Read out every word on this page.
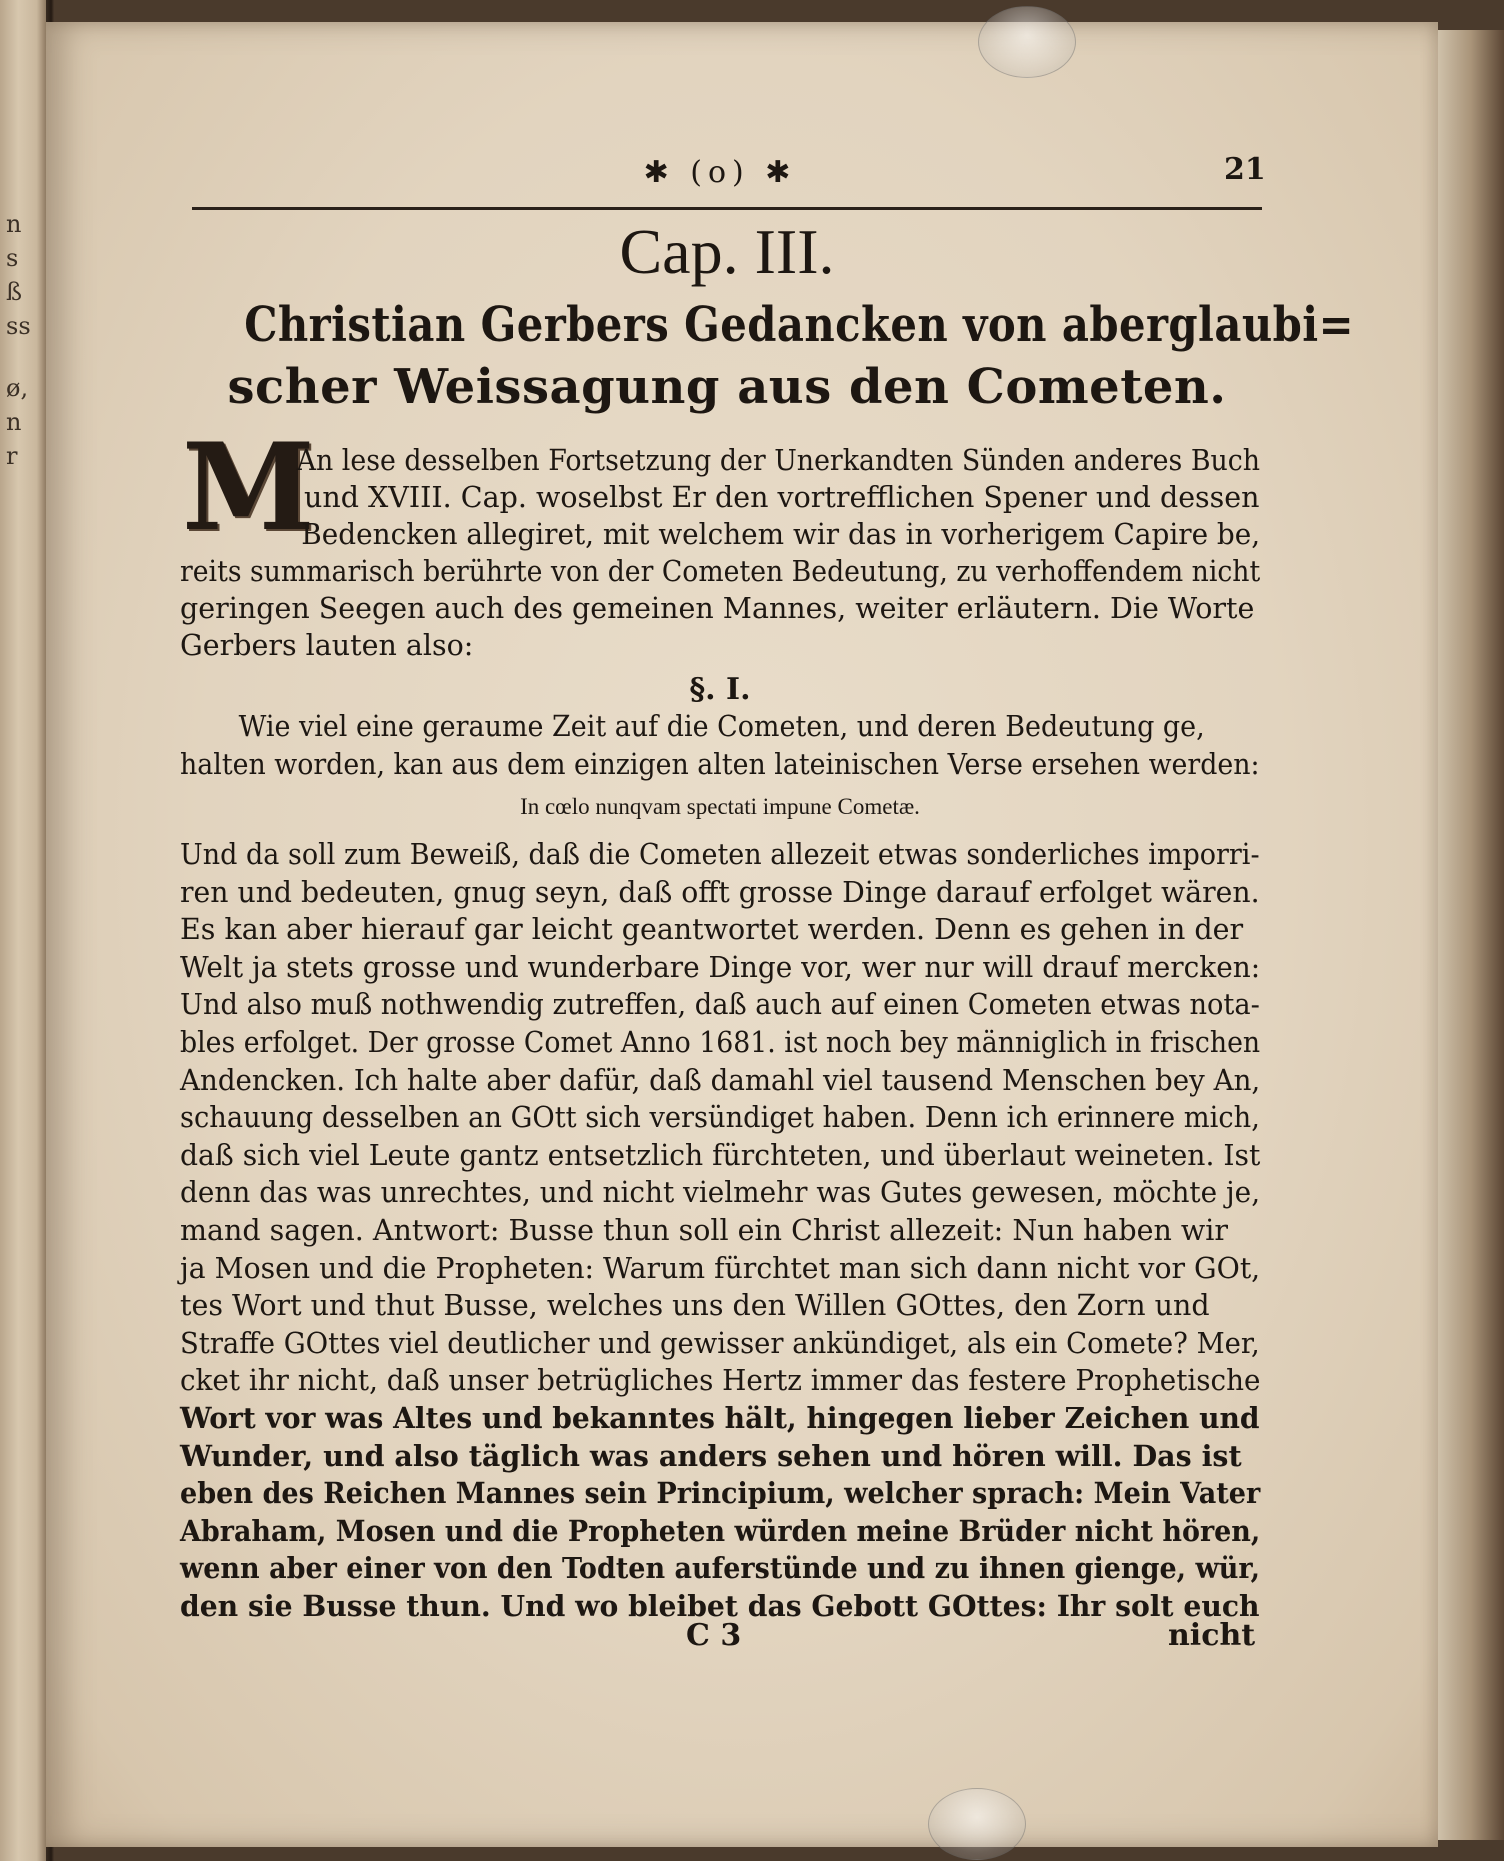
n
s
ß
ss
ø,
n
r
✱ (o) ✱	21
Cap. III.
Christian Gerbers Gedancken von aberglaubi=
scher Weissagung aus den Cometen.
M
An lese desselben Fortsetzung der Unerkandten Sünden anderes Buch
und XVIII. Cap. woselbst Er den vortrefflichen Spener und dessen
Bedencken allegiret, mit welchem wir das in vorherigem Capire be,
reits summarisch berührte von der Cometen Bedeutung, zu verhoffendem nicht
geringen Seegen auch des gemeinen Mannes, weiter erläutern. Die Worte
Gerbers lauten also:
§. I.
Wie viel eine geraume Zeit auf die Cometen, und deren Bedeutung ge,
halten worden, kan aus dem einzigen alten lateinischen Verse ersehen werden:
In cœlo nunqvam spectati impune Cometæ.
Und da soll zum Beweiß, daß die Cometen allezeit etwas sonderliches imporri-
ren und bedeuten, gnug seyn, daß offt grosse Dinge darauf erfolget wären.
Es kan aber hierauf gar leicht geantwortet werden. Denn es gehen in der
Welt ja stets grosse und wunderbare Dinge vor, wer nur will drauf mercken:
Und also muß nothwendig zutreffen, daß auch auf einen Cometen etwas nota-
bles erfolget. Der grosse Comet Anno 1681. ist noch bey männiglich in frischen
Andencken. Ich halte aber dafür, daß damahl viel tausend Menschen bey An,
schauung desselben an GOtt sich versündiget haben. Denn ich erinnere mich,
daß sich viel Leute gantz entsetzlich fürchteten, und überlaut weineten. Ist
denn das was unrechtes, und nicht vielmehr was Gutes gewesen, möchte je,
mand sagen. Antwort: Busse thun soll ein Christ allezeit: Nun haben wir
ja Mosen und die Propheten: Warum fürchtet man sich dann nicht vor GOt,
tes Wort und thut Busse, welches uns den Willen GOttes, den Zorn und
Straffe GOttes viel deutlicher und gewisser ankündiget, als ein Comete? Mer,
cket ihr nicht, daß unser betrügliches Hertz immer das festere Prophetische
Wort vor was Altes und bekanntes hält, hingegen lieber Zeichen und
Wunder, und also täglich was anders sehen und hören will. Das ist
eben des Reichen Mannes sein Principium, welcher sprach: Mein Vater
Abraham, Mosen und die Propheten würden meine Brüder nicht hören,
wenn aber einer von den Todten auferstünde und zu ihnen gienge, wür,
den sie Busse thun. Und wo bleibet das Gebott GOttes: Ihr solt euch
C 3	nicht
